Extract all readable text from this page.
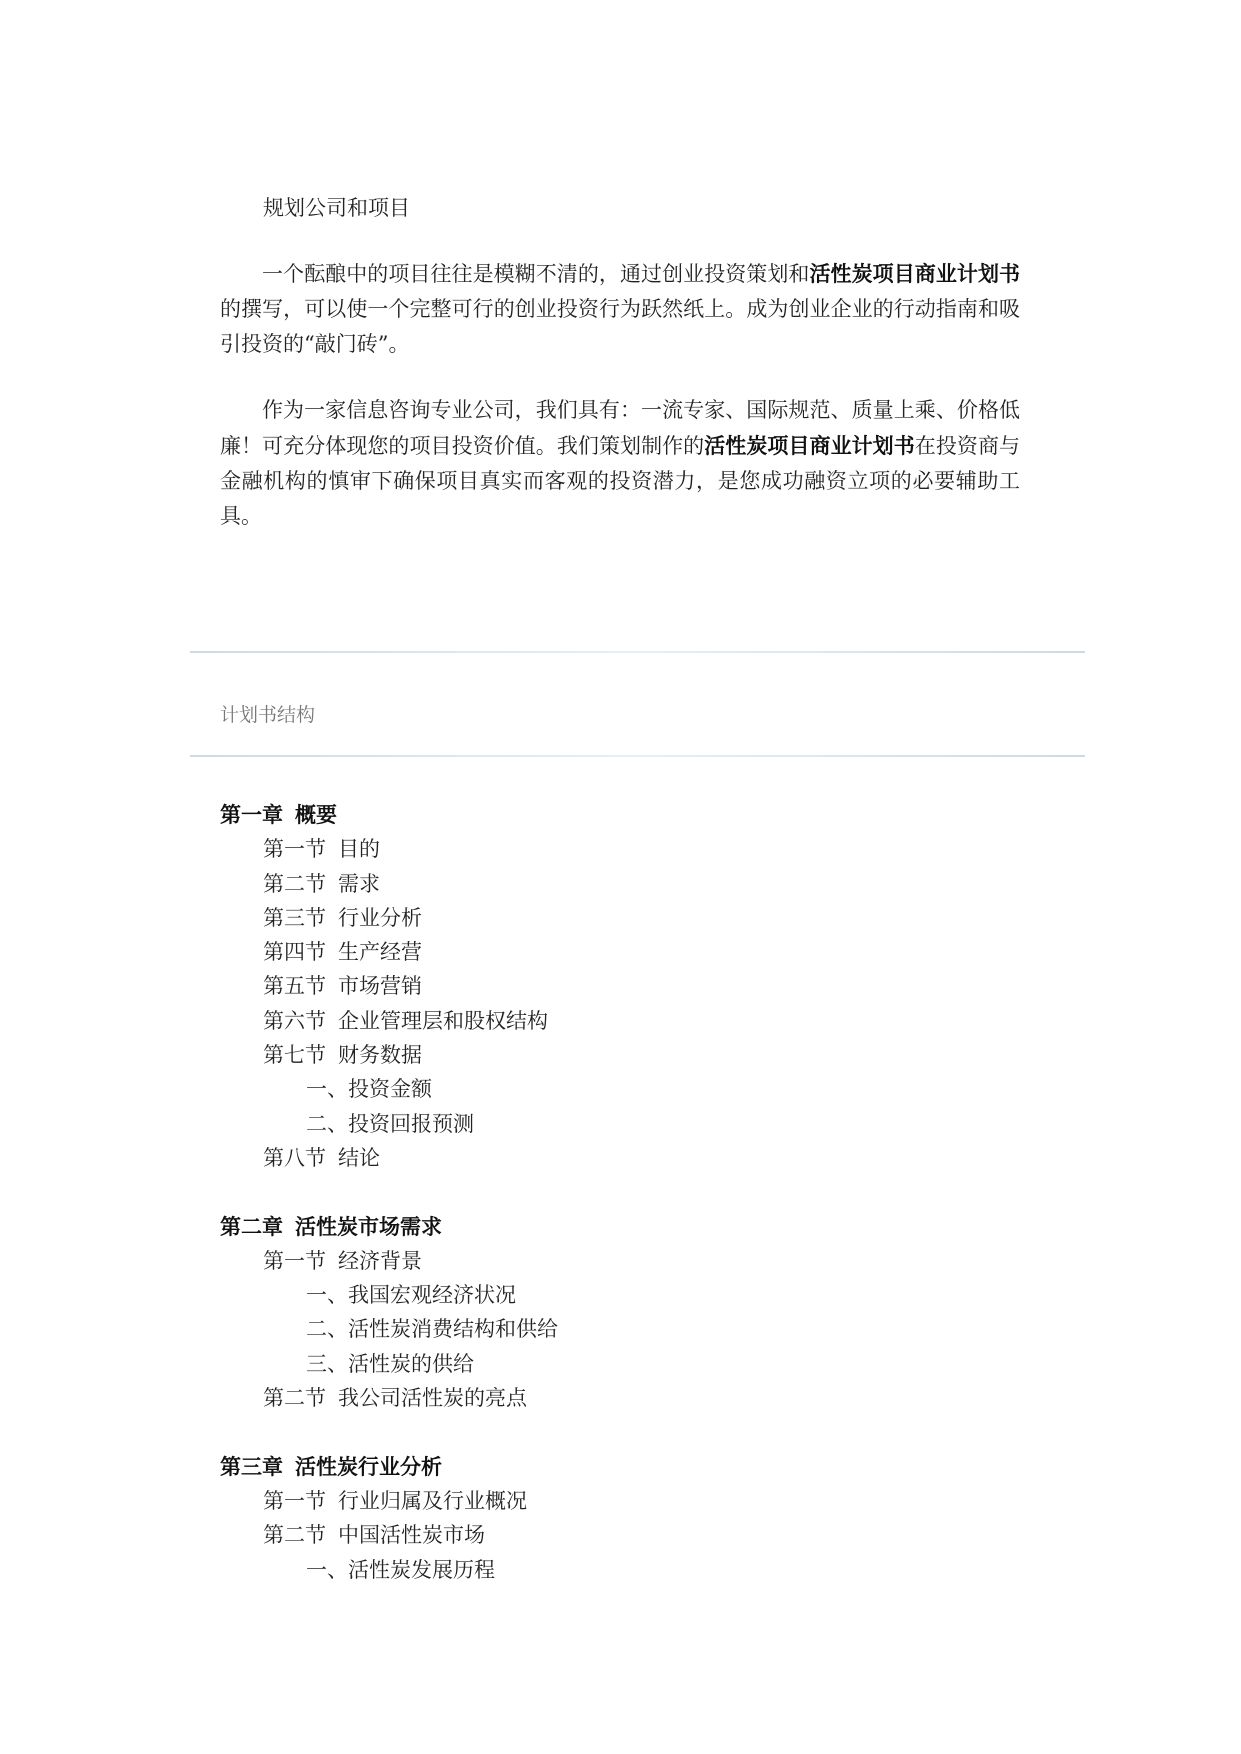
规划公司和项目

一个酝酿中的项目往往是模糊不清的，通过创业投资策划和活性炭项目商业计划书的撰写，可以使一个完整可行的创业投资行为跃然纸上。成为创业企业的行动指南和吸引投资的“敲门砖”。

作为一家信息咨询专业公司，我们具有：一流专家、国际规范、质量上乘、价格低廉！可充分体现您的项目投资价值。我们策划制作的活性炭项目商业计划书在投资商与金融机构的慎审下确保项目真实而客观的投资潜力，是您成功融资立项的必要辅助工具。

计划书结构
第一章 概要
第一节 目的
第二节 需求
第三节 行业分析
第四节 生产经营
第五节 市场营销
第六节 企业管理层和股权结构
第七节 财务数据
一、投资金额
二、投资回报预测
第八节 结论
第二章 活性炭市场需求
第一节 经济背景
一、我国宏观经济状况
二、活性炭消费结构和供给
三、活性炭的供给
第二节 我公司活性炭的亮点
第三章 活性炭行业分析
第一节 行业归属及行业概况
第二节 中国活性炭市场
一、活性炭发展历程
